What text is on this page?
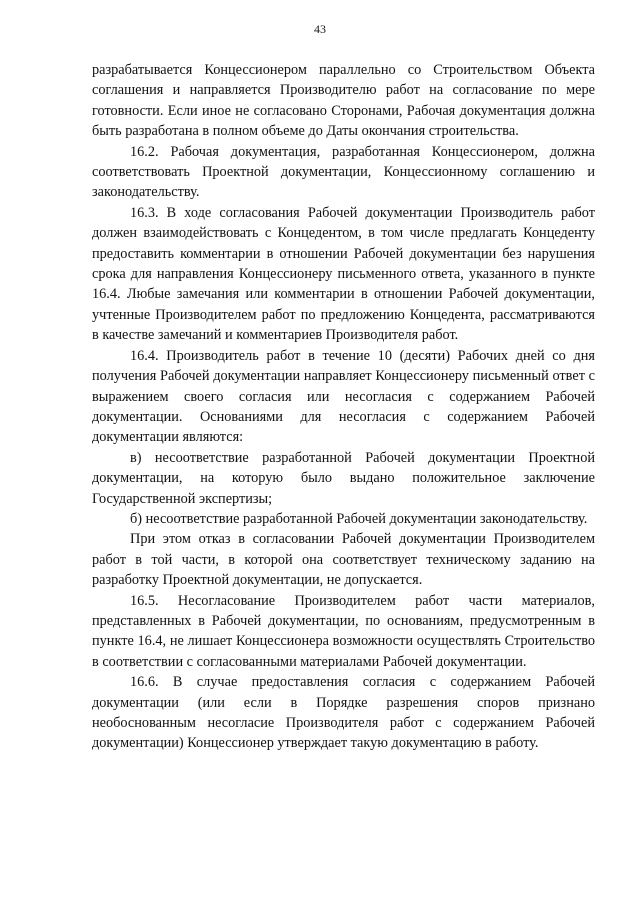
43

разрабатывается Концессионером параллельно со Строительством Объекта соглашения и направляется Производителю работ на согласование по мере готовности. Если иное не согласовано Сторонами, Рабочая документация должна быть разработана в полном объеме до Даты окончания строительства.

16.2. Рабочая документация, разработанная Концессионером, должна соответствовать Проектной документации, Концессионному соглашению и законодательству.

16.3. В ходе согласования Рабочей документации Производитель работ должен взаимодействовать с Концедентом, в том числе предлагать Концеденту предоставить комментарии в отношении Рабочей документации без нарушения срока для направления Концессионеру письменного ответа, указанного в пункте 16.4. Любые замечания или комментарии в отношении Рабочей документации, учтенные Производителем работ по предложению Концедента, рассматриваются в качестве замечаний и комментариев Производителя работ.

16.4. Производитель работ в течение 10 (десяти) Рабочих дней со дня получения Рабочей документации направляет Концессионеру письменный ответ с выражением своего согласия или несогласия с содержанием Рабочей документации. Основаниями для несогласия с содержанием Рабочей документации являются:

в) несоответствие разработанной Рабочей документации Проектной документации, на которую было выдано положительное заключение Государственной экспертизы;

б) несоответствие разработанной Рабочей документации законодательству.

При этом отказ в согласовании Рабочей документации Производителем работ в той части, в которой она соответствует техническому заданию на разработку Проектной документации, не допускается.

16.5. Несогласование Производителем работ части материалов, представленных в Рабочей документации, по основаниям, предусмотренным в пункте 16.4, не лишает Концессионера возможности осуществлять Строительство в соответствии с согласованными материалами Рабочей документации.

16.6. В случае предоставления согласия с содержанием Рабочей документации (или если в Порядке разрешения споров признано необоснованным несогласие Производителя работ с содержанием Рабочей документации) Концессионер утверждает такую документацию в работу.
